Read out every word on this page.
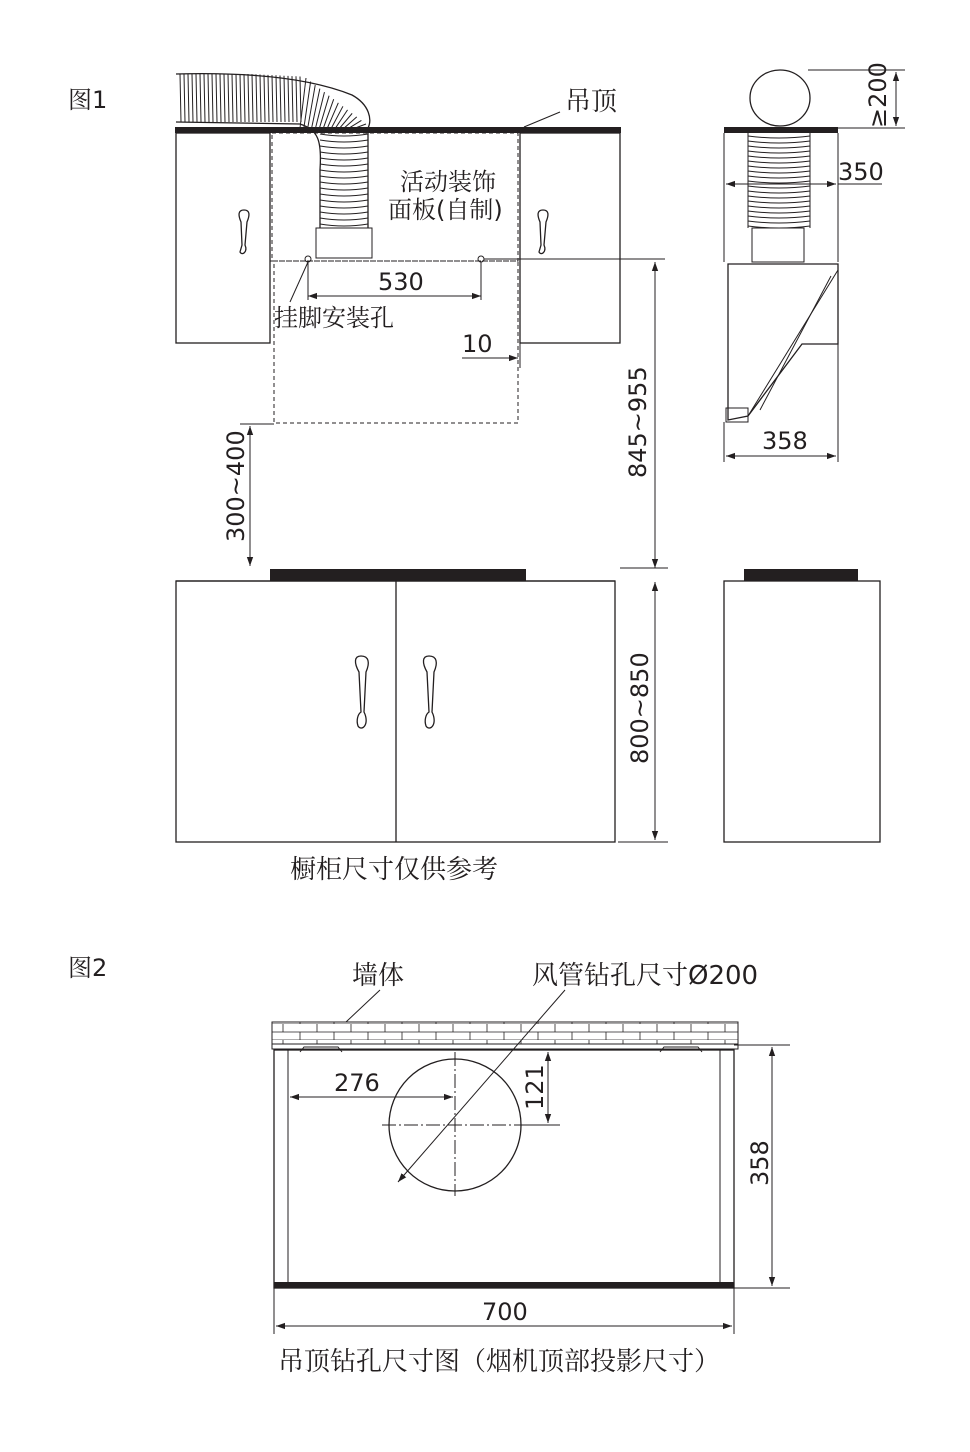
图1	吊顶
活动装饰
面板(自制)
530
挂脚安装孔
10
845~955
300~400
800~850
橱柜尺寸仅供参考
≥200
350
358
图2	墙体	风管钻孔尺寸Ø200
276	121
358
700
吊顶钻孔尺寸图（烟机顶部投影尺寸）
